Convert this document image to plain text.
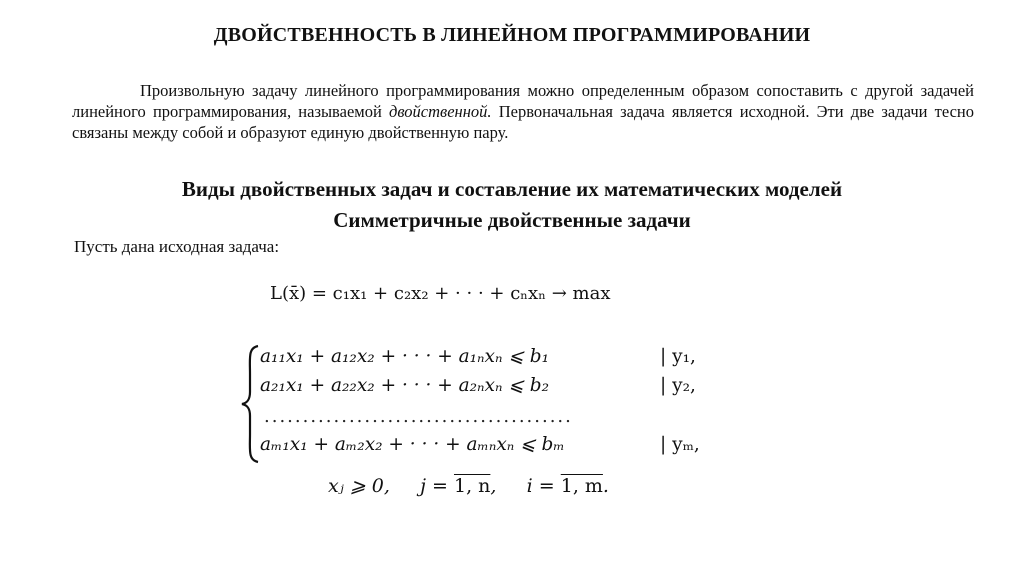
ДВОЙСТВЕННОСТЬ В ЛИНЕЙНОМ ПРОГРАММИРОВАНИИ
Произвольную задачу линейного программирования можно определенным образом сопоставить с другой задачей линейного программирования, называемой двойственной. Первоначальная задача является исходной. Эти две задачи тесно связаны между собой и образуют единую двойственную пару.
Виды двойственных задач и составление их математических моделей
Симметричные двойственные задачи
Пусть дана исходная задача:
L(x̄) = c₁x₁ + c₂x₂ + · · · + cₙxₙ → max
a₁₁x₁ + a₁₂x₂ + · · · + a₁ₙxₙ ⩽ b₁	| y₁,
a₂₁x₁ + a₂₂x₂ + · · · + a₂ₙxₙ ⩽ b₂	| y₂,
........................................
aₘ₁x₁ + aₘ₂x₂ + · · · + aₘₙxₙ ⩽ bₘ	| yₘ,
xⱼ ⩾ 0, j = 1, n, i = 1, m.
